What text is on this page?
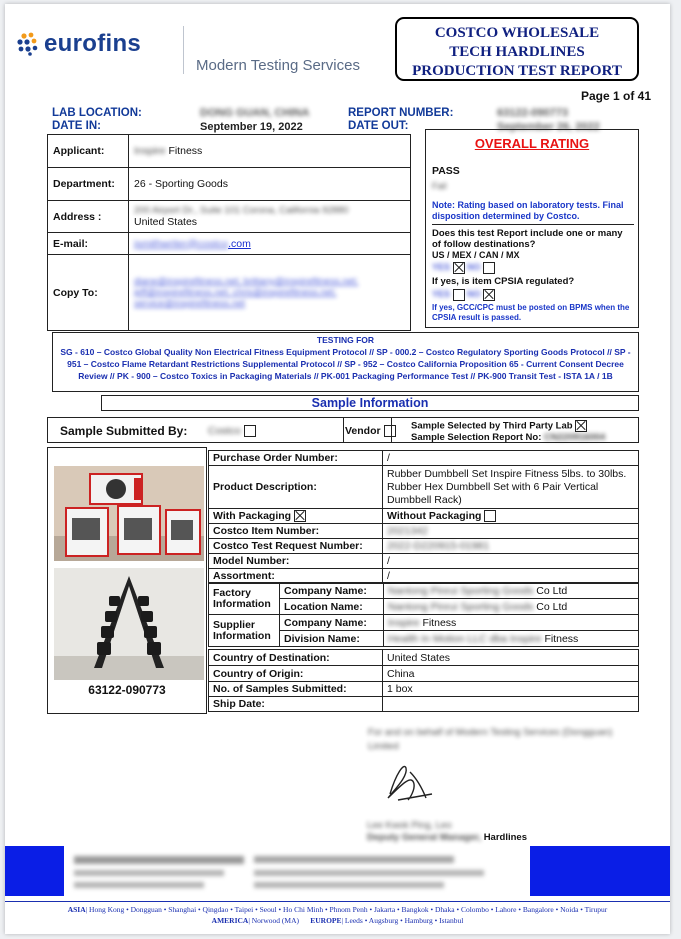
eurofins
Modern Testing Services
COSTCO WHOLESALE
TECH HARDLINES
PRODUCTION TEST REPORT
Page 1 of 41
LAB LOCATION:	DONG GUAN, CHINA
DATE IN:	September 19, 2022
REPORT NUMBER:	63122-090773
DATE OUT:	September 26, 2022
Applicant:	Inspire Fitness
Department:	26 - Sporting Goods
Address :	200 Airport Dr., Suite 101 Corona, California 92880
United States

E-mail:	jsmithwriter@costco.com
Copy To:	diane@inspirefitness.net; brittany@inspirefitness.net;
jeff@inspirefitness.net; chris@inspirefitness.net;
service@inspirefitness.net
OVERALL RATING
PASS
Fail
Note: Rating based on laboratory tests. Final disposition determined by Costco.
Does this test Report include one or many of follow destinations?
US / MEX / CAN / MX
YES NO
If yes, is item CPSIA regulated?
YES NO
If yes, GCC/CPC must be posted on BPMS when the CPSIA result is passed.
TESTING FOR
SG - 610 – Costco Global Quality Non Electrical Fitness Equipment Protocol // SP - 000.2 – Costco Regulatory Sporting Goods Protocol // SP - 951 – Costco Flame Retardant Restrictions Supplemental Protocol // SP - 952 – Costco California Proposition 65 - Current Consent Decree Review // PK - 900 – Costco Toxics in Packaging Materials // PK-001 Packaging Performance Test // PK-900 Transit Test - ISTA 1A / 1B
Sample Information
Sample Submitted By: Costco	Vendor	Sample Selected by Third Party Lab
Sample Selection Report No: CN220916004
63122-090773
Purchase Order Number:	/
Product Description:	Rubber Dumbbell Set Inspire Fitness 5lbs. to 30lbs. Rubber Hex Dumbbell Set with 6 Pair Vertical Dumbbell Rack)
With Packaging	Without Packaging
Costco Item Number:	2021342
Costco Test Request Number:	2022-D220915-01981
Model Number:	/
Assortment:	/
Factory Information	Company Name:	Nantong Pinrui Sporting Goods Co Ltd
	Location Name:	Nantong Pinrui Sporting Goods Co Ltd
Supplier Information	Company Name:	Inspire Fitness
	Division Name:	Health In Motion LLC dba Inspire Fitness
Country of Destination:	United States
Country of Origin:	China
No. of Samples Submitted:	1 box
Ship Date:	
For and on behalf of Modern Testing Services (Dongguan) Limited
Lee Kwok Ping, Leo
Deputy General Manager, Hardlines
ASIA| Hong Kong • Dongguan • Shanghai • Qingdao • Taipei • Seoul • Ho Chi Minh • Phnom Penh • Jakarta • Bangkok • Dhaka • Colombo • Lahore • Bangalore • Noida • Tirupur
AMERICA| Norwood (MA) EUROPE| Leeds • Augsburg • Hamburg • Istanbul
